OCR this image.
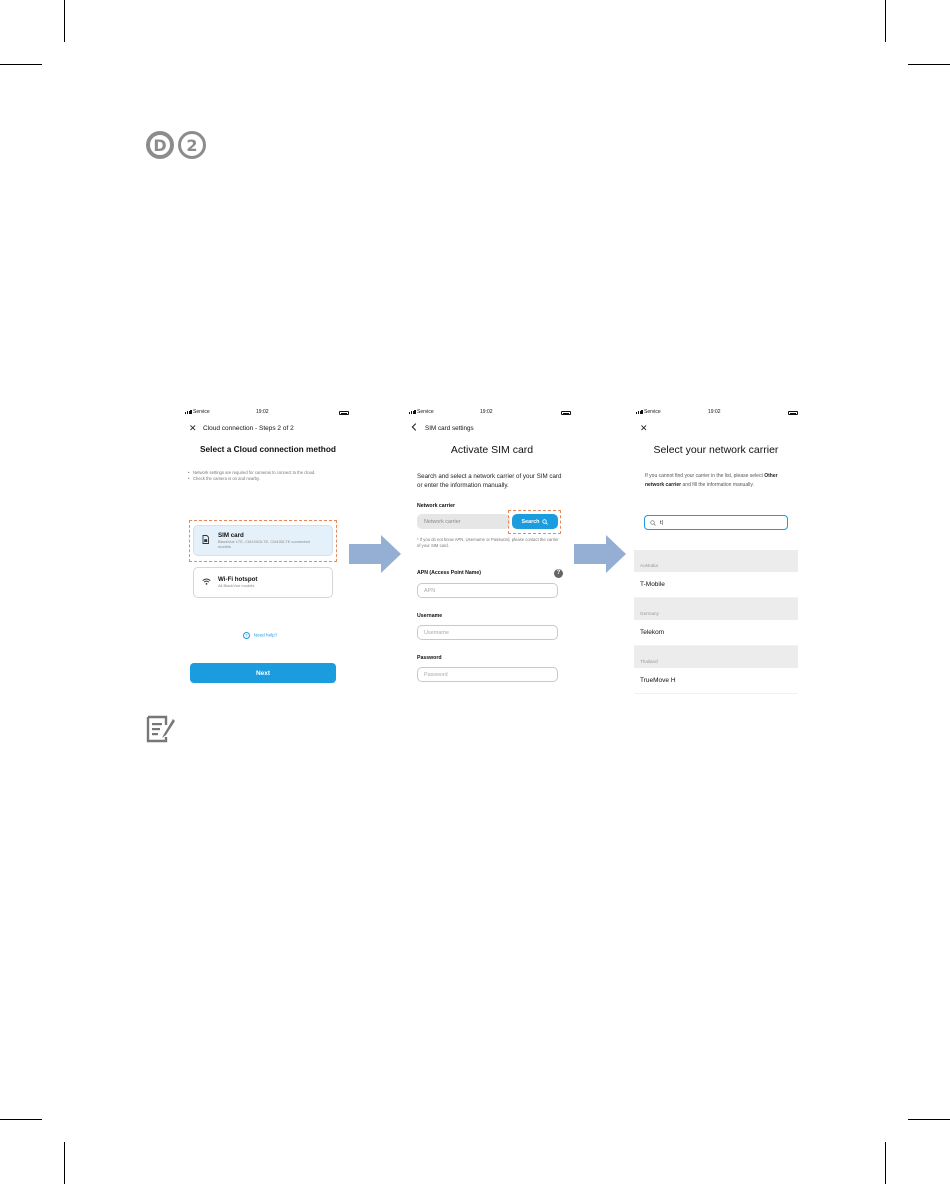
D	2
Service	19:02
✕ Cloud connection - Steps 2 of 2
Select a Cloud connection method
• Network settings are required for cameras to connect to the cloud.
• Check the camera is on and nearby.
SIM card
BlackVue LTE, CM100GLTE, CM100LTE connected models
Wi-Fi hotspot
All BlackVue models
? Need help?
Next
Service	19:02
SIM card settings
Activate SIM card
Search and select a network carrier of your SIM card or enter the information manually.
Network carrier
Network carrier	Search
* If you do not know APN, Username or Password, please contact the carrier of your SIM card.
APN (Access Point Name)	?
APN
Username
Username
Password
Password
Service	19:02
✕
Select your network carrier
If you cannot find your carrier in the list, please select Other network carrier and fill the information manually.
t|
Australia
T-Mobile
Germany
Telekom
Thailand
TrueMove H
